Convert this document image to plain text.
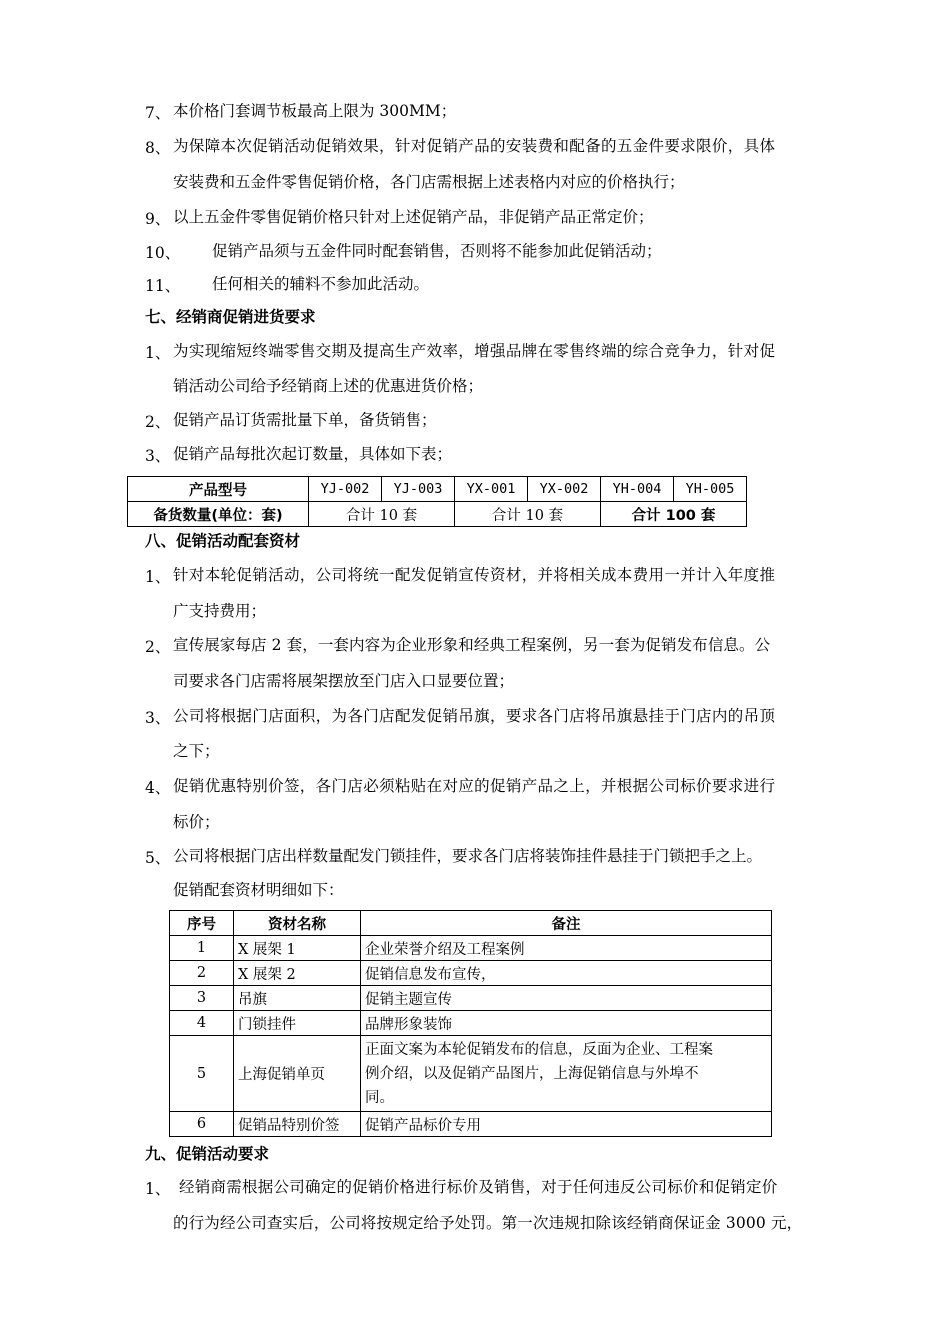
7、 本价格门套调节板最高上限为 300MM；
8、 为保障本次促销活动促销效果，针对促销产品的安装费和配备的五金件要求限价，具体
安装费和五金件零售促销价格，各门店需根据上述表格内对应的价格执行；
9、 以上五金件零售促销价格只针对上述促销产品，非促销产品正常定价；
10、 促销产品须与五金件同时配套销售，否则将不能参加此促销活动；
11、 任何相关的辅料不参加此活动。
七、经销商促销进货要求
1、 为实现缩短终端零售交期及提高生产效率，增强品牌在零售终端的综合竞争力，针对促
销活动公司给予经销商上述的优惠进货价格；
2、 促销产品订货需批量下单，备货销售；
3、 促销产品每批次起订数量，具体如下表；
产品型号	YJ-002	YJ-003	YX-001	YX-002	YH-004	YH-005
备货数量(单位：套)	合计 10 套		合计 10 套		合计 100 套	
八、促销活动配套资材
1、 针对本轮促销活动，公司将统一配发促销宣传资材，并将相关成本费用一并计入年度推
广支持费用；
2、 宣传展家每店 2 套，一套内容为企业形象和经典工程案例，另一套为促销发布信息。公
司要求各门店需将展架摆放至门店入口显要位置；
3、 公司将根据门店面积，为各门店配发促销吊旗，要求各门店将吊旗悬挂于门店内的吊顶
之下；
4、 促销优惠特别价签，各门店必须粘贴在对应的促销产品之上，并根据公司标价要求进行
标价；
5、 公司将根据门店出样数量配发门锁挂件，要求各门店将装饰挂件悬挂于门锁把手之上。
促销配套资材明细如下：
序号	资材名称	备注
1	X 展架 1	企业荣誉介绍及工程案例
2	X 展架 2	促销信息发布宣传，
3	吊旗	促销主题宣传
4	门锁挂件	品牌形象装饰
5	上海促销单页	正面文案为本轮促销发布的信息，反面为企业、工程案
例介绍，以及促销产品图片，上海促销信息与外埠不
同。

6	促销品特别价签	促销产品标价专用
九、促销活动要求
1、 经销商需根据公司确定的促销价格进行标价及销售，对于任何违反公司标价和促销定价
的行为经公司查实后，公司将按规定给予处罚。第一次违规扣除该经销商保证金 3000 元，
